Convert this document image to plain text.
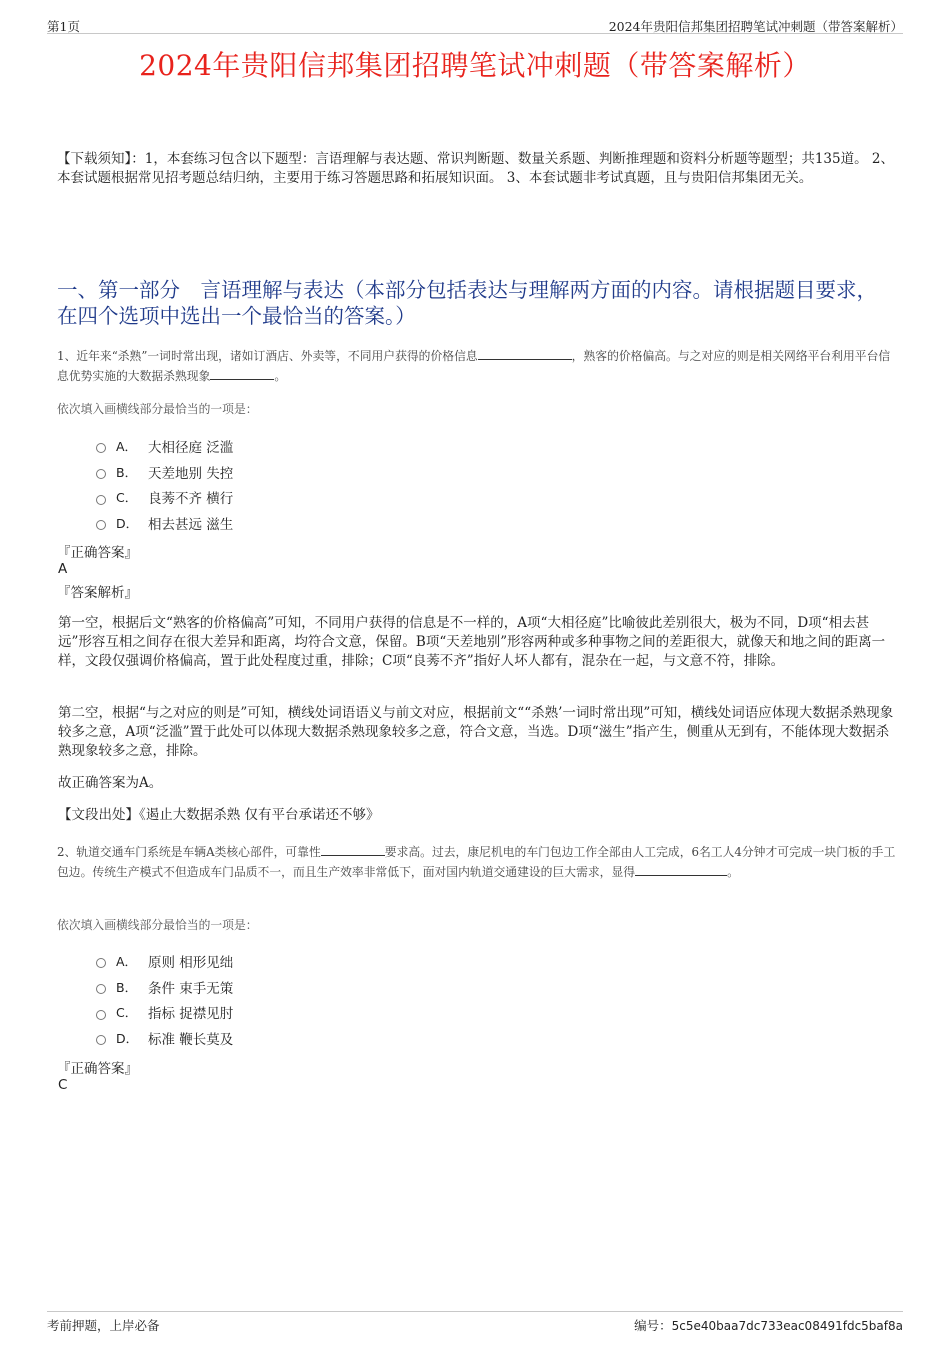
第1页	2024年贵阳信邦集团招聘笔试冲刺题（带答案解析）
2024年贵阳信邦集团招聘笔试冲刺题（带答案解析）
【下载须知】：1，本套练习包含以下题型：言语理解与表达题、常识判断题、数量关系题、判断推理题和资料分析题等题型；共135道。 2、本套试题根据常见招考题总结归纳，主要用于练习答题思路和拓展知识面。 3、本套试题非考试真题，且与贵阳信邦集团无关。
一、第一部分　言语理解与表达（本部分包括表达与理解两方面的内容。请根据题目要求，在四个选项中选出一个最恰当的答案。）
1、近年来“杀熟”一词时常出现，诸如订酒店、外卖等，不同用户获得的价格信息	，熟客的价格偏高。与之对应的则是相关网络平台利用平台信息优势实施的大数据杀熟现象	。
依次填入画横线部分最恰当的一项是：
A． 大相径庭 泛滥
B． 天差地别 失控
C． 良莠不齐 横行
D． 相去甚远 滋生
『正确答案』
A
『答案解析』
第一空，根据后文“熟客的价格偏高”可知，不同用户获得的信息是不一样的，A项“大相径庭”比喻彼此差别很大，极为不同，D项“相去甚远”形容互相之间存在很大差异和距离，均符合文意，保留。B项“天差地别”形容两种或多种事物之间的差距很大，就像天和地之间的距离一样，文段仅强调价格偏高，置于此处程度过重，排除；C项“良莠不齐”指好人坏人都有，混杂在一起，与文意不符，排除。
第二空，根据“与之对应的则是”可知，横线处词语语义与前文对应，根据前文““杀熟’一词时常出现”可知，横线处词语应体现大数据杀熟现象较多之意，A项“泛滥”置于此处可以体现大数据杀熟现象较多之意，符合文意，当选。D项“滋生”指产生，侧重从无到有，不能体现大数据杀熟现象较多之意，排除。
故正确答案为A。
【文段出处】《遏止大数据杀熟 仅有平台承诺还不够》
2、轨道交通车门系统是车辆A类核心部件，可靠性	要求高。过去，康尼机电的车门包边工作全部由人工完成，6名工人4分钟才可完成一块门板的手工包边。传统生产模式不但造成车门品质不一，而且生产效率非常低下，面对国内轨道交通建设的巨大需求，显得	。
依次填入画横线部分最恰当的一项是：
A． 原则 相形见绌
B． 条件 束手无策
C． 指标 捉襟见肘
D． 标准 鞭长莫及
『正确答案』
C
考前押题，上岸必备	编号：5c5e40baa7dc733eac08491fdc5baf8a
